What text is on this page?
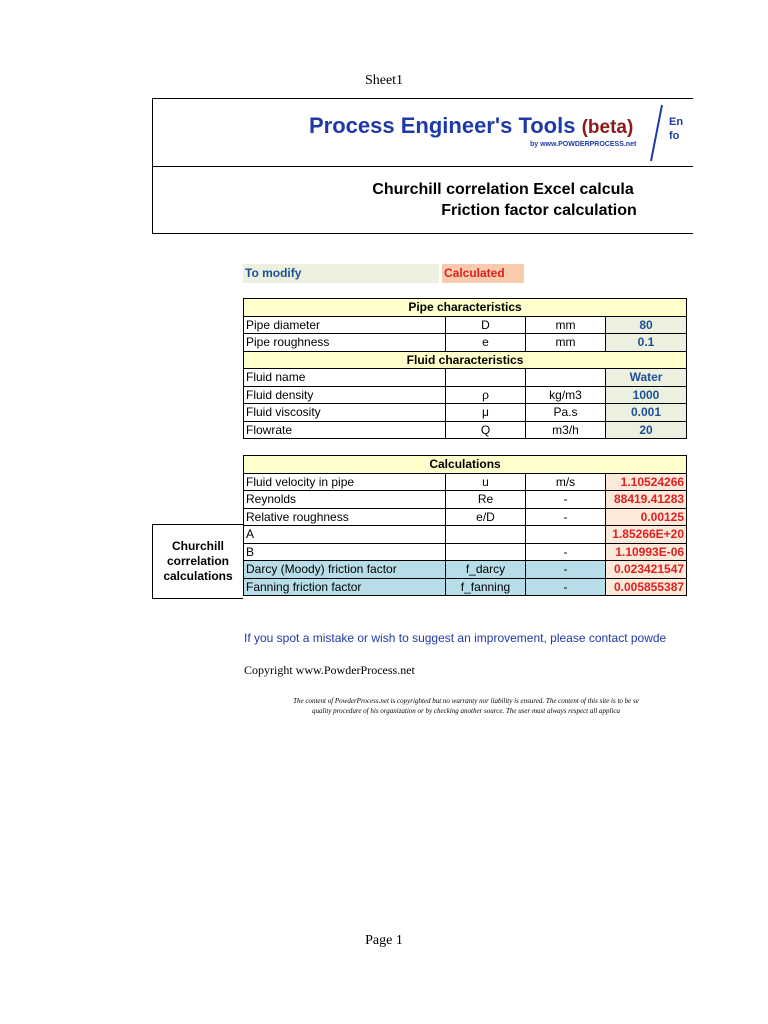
Sheet1
Process Engineer's Tools (beta)
by www.POWDERPROCESS.net
En
fo
Churchill correlation Excel calcula
Friction factor calculation
To modify	Calculated
Pipe characteristics			
Pipe diameter	D	mm	80
Pipe roughness	e	mm	0.1
Fluid characteristics			
Fluid name			Water
Fluid density	ρ	kg/m3	1000
Fluid viscosity	μ	Pa.s	0.001
Flowrate	Q	m3/h	20
Churchill correlation calculations
Calculations			
Fluid velocity in pipe	u	m/s	1.10524266
Reynolds	Re	-	88419.41283
Relative roughness	e/D	-	0.00125
A			1.85266E+20
B		-	1.10993E-06
Darcy (Moody) friction factor	f_darcy	-	0.023421547
Fanning friction factor	f_fanning	-	0.005855387
If you spot a mistake or wish to suggest an improvement, please contact powde
Copyright www.PowderProcess.net
The content of PowderProcess.net is copyrighted but no warranty nor liability is ensured. The content of this site is to be se
quality procedure of his organization or by checking another source. The user must always respect all applica
Page 1
